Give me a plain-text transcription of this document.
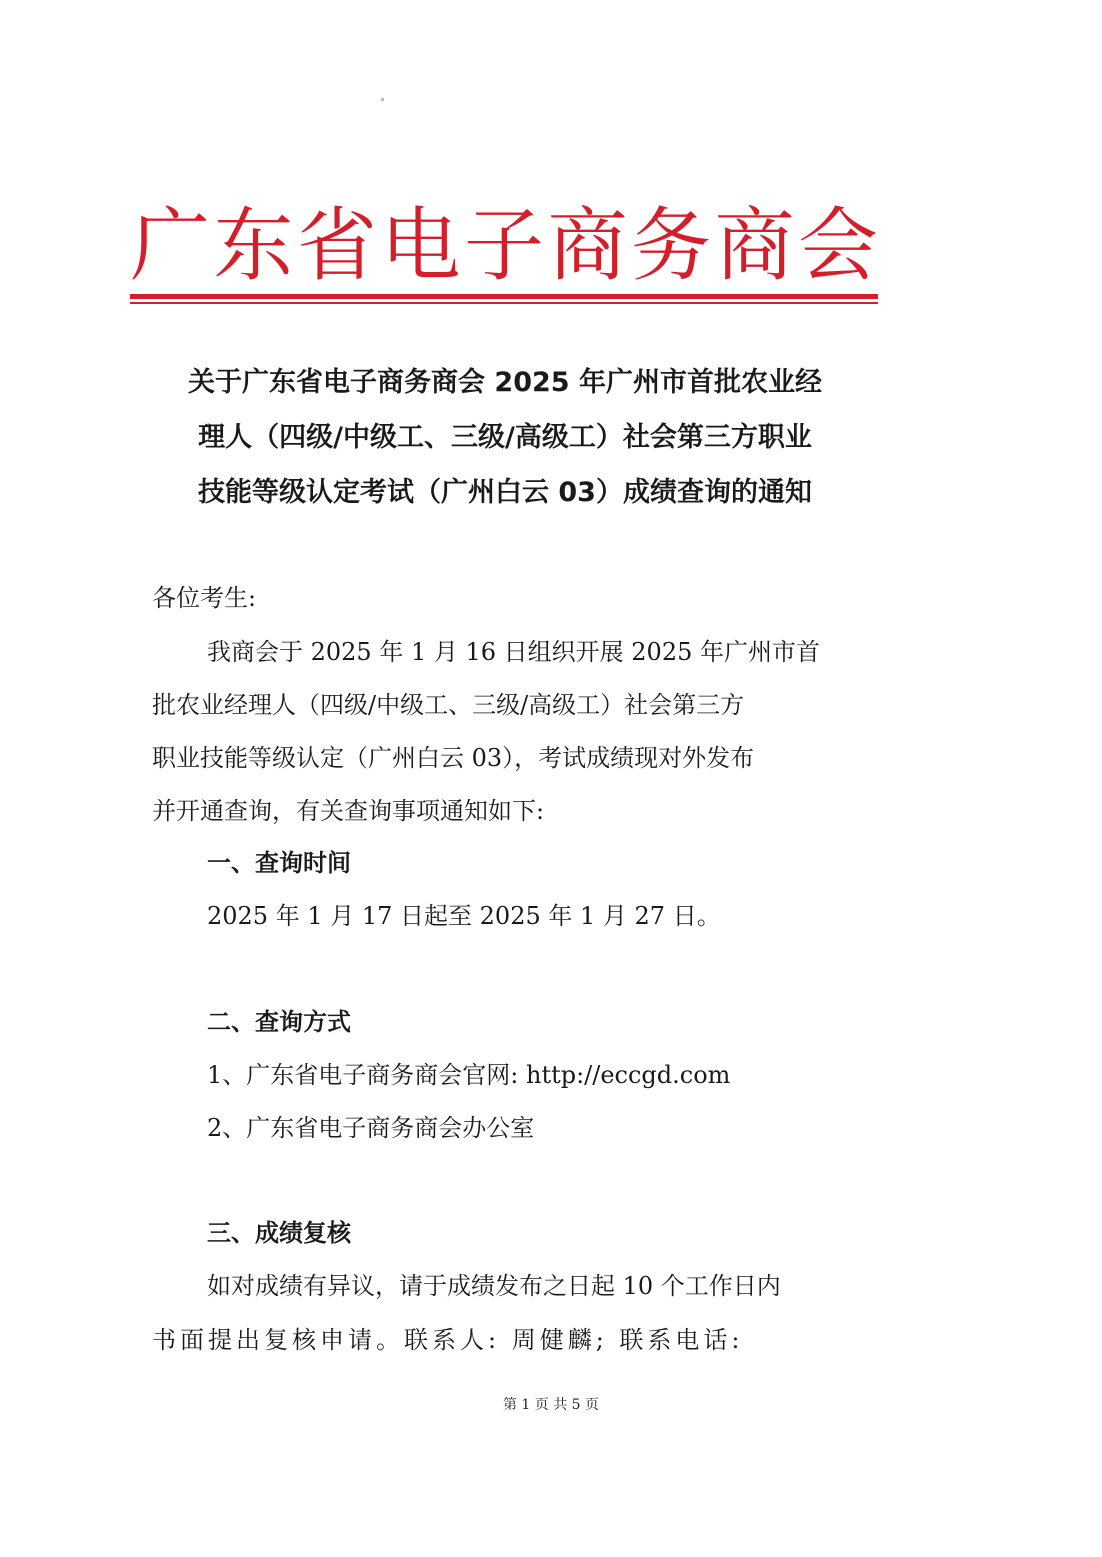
广东省电子商务商会
关于广东省电子商务商会 2025 年广州市首批农业经
理人（四级/中级工、三级/高级工）社会第三方职业
技能等级认定考试（广州白云 03）成绩查询的通知
各位考生:
我商会于 2025 年 1 月 16 日组织开展 2025 年广州市首
批农业经理人（四级/中级工、三级/高级工）社会第三方
职业技能等级认定（广州白云 03），考试成绩现对外发布
并开通查询，有关查询事项通知如下:
一、查询时间
2025 年 1 月 17 日起至 2025 年 1 月 27 日。
二、查询方式
1、广东省电子商务商会官网: http://eccgd.com
2、广东省电子商务商会办公室
三、成绩复核
如对成绩有异议，请于成绩发布之日起 10 个工作日内
书面提出复核申请。联系人: 周健麟; 联系电话:
第 1 页 共 5 页
